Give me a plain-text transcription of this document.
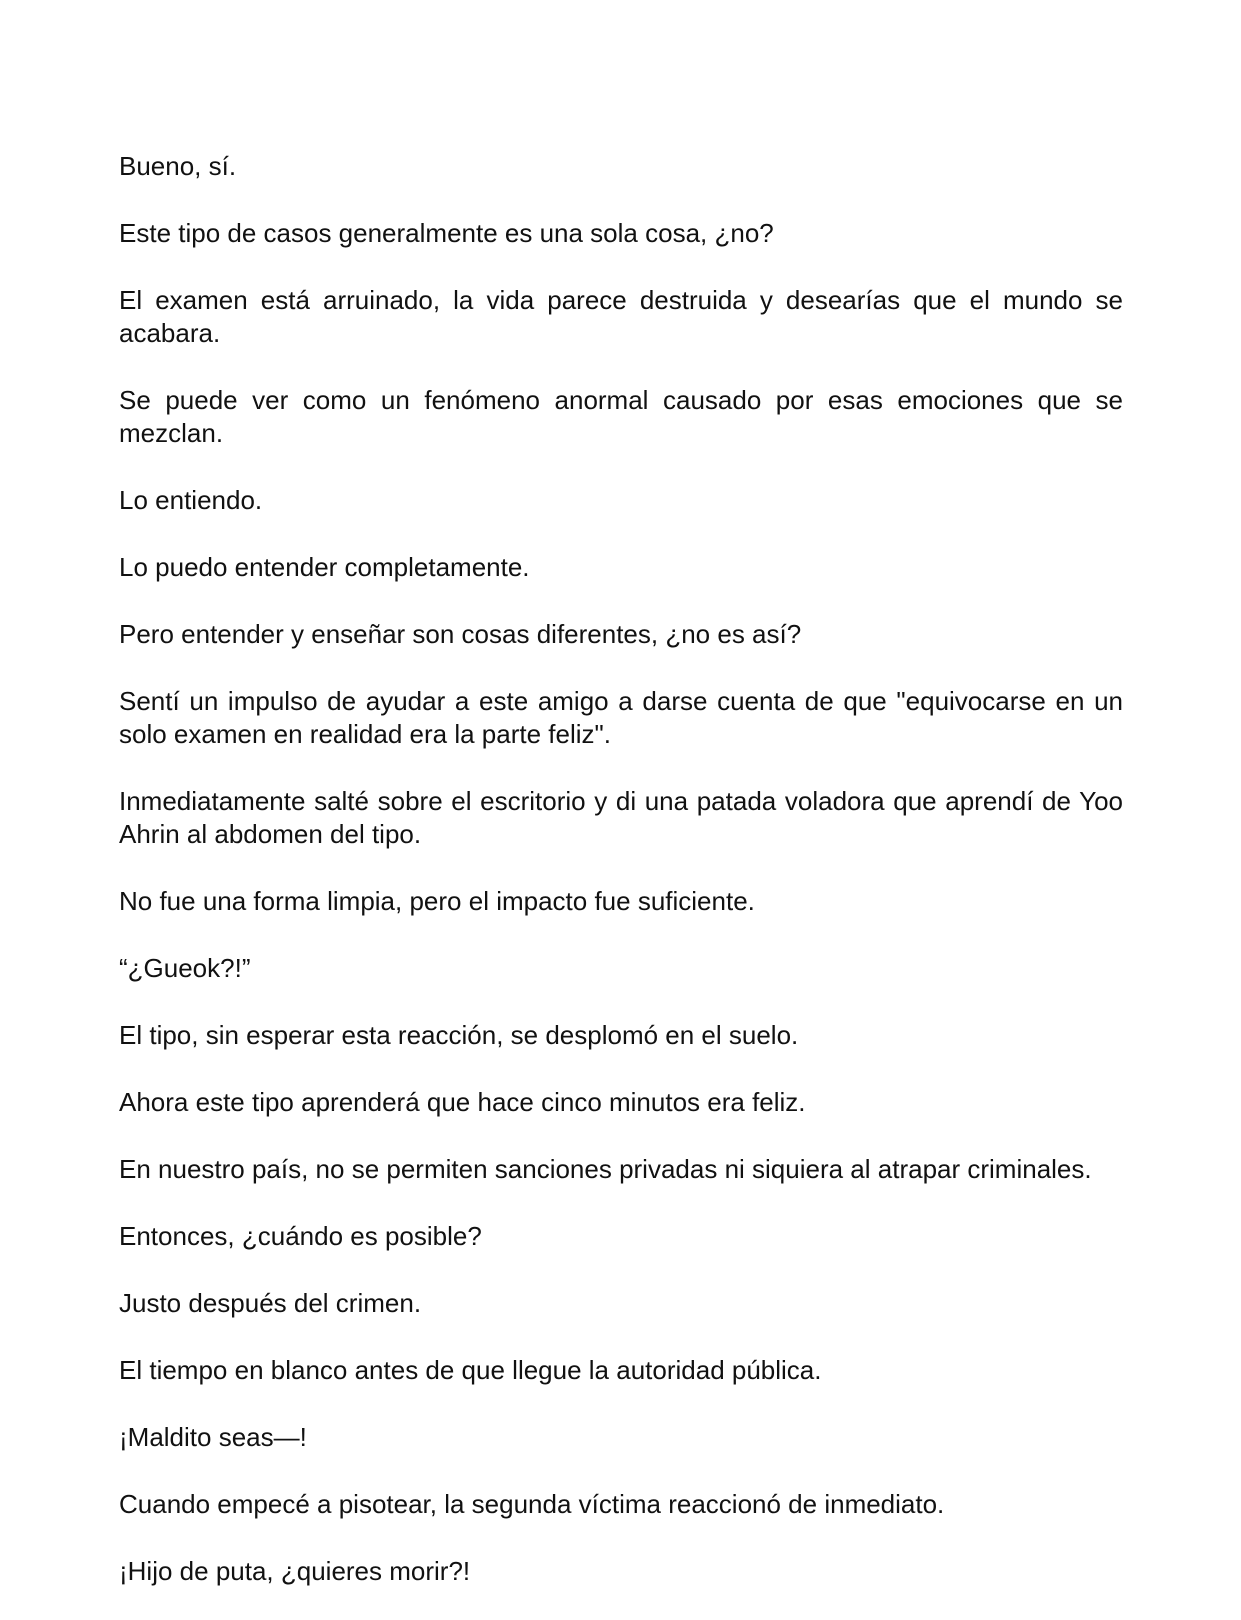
Bueno, sí.

Este tipo de casos generalmente es una sola cosa, ¿no?

El examen está arruinado, la vida parece destruida y desearías que el mundo se acabara.

Se puede ver como un fenómeno anormal causado por esas emociones que se mezclan.

Lo entiendo.

Lo puedo entender completamente.

Pero entender y enseñar son cosas diferentes, ¿no es así?

Sentí un impulso de ayudar a este amigo a darse cuenta de que "equivocarse en un solo examen en realidad era la parte feliz".

Inmediatamente salté sobre el escritorio y di una patada voladora que aprendí de Yoo Ahrin al abdomen del tipo.

No fue una forma limpia, pero el impacto fue suficiente.

“¿Gueok?!”

El tipo, sin esperar esta reacción, se desplomó en el suelo.

Ahora este tipo aprenderá que hace cinco minutos era feliz.

En nuestro país, no se permiten sanciones privadas ni siquiera al atrapar criminales.

Entonces, ¿cuándo es posible?

Justo después del crimen.

El tiempo en blanco antes de que llegue la autoridad pública.

¡Maldito seas—!

Cuando empecé a pisotear, la segunda víctima reaccionó de inmediato.

¡Hijo de puta, ¿quieres morir?!
